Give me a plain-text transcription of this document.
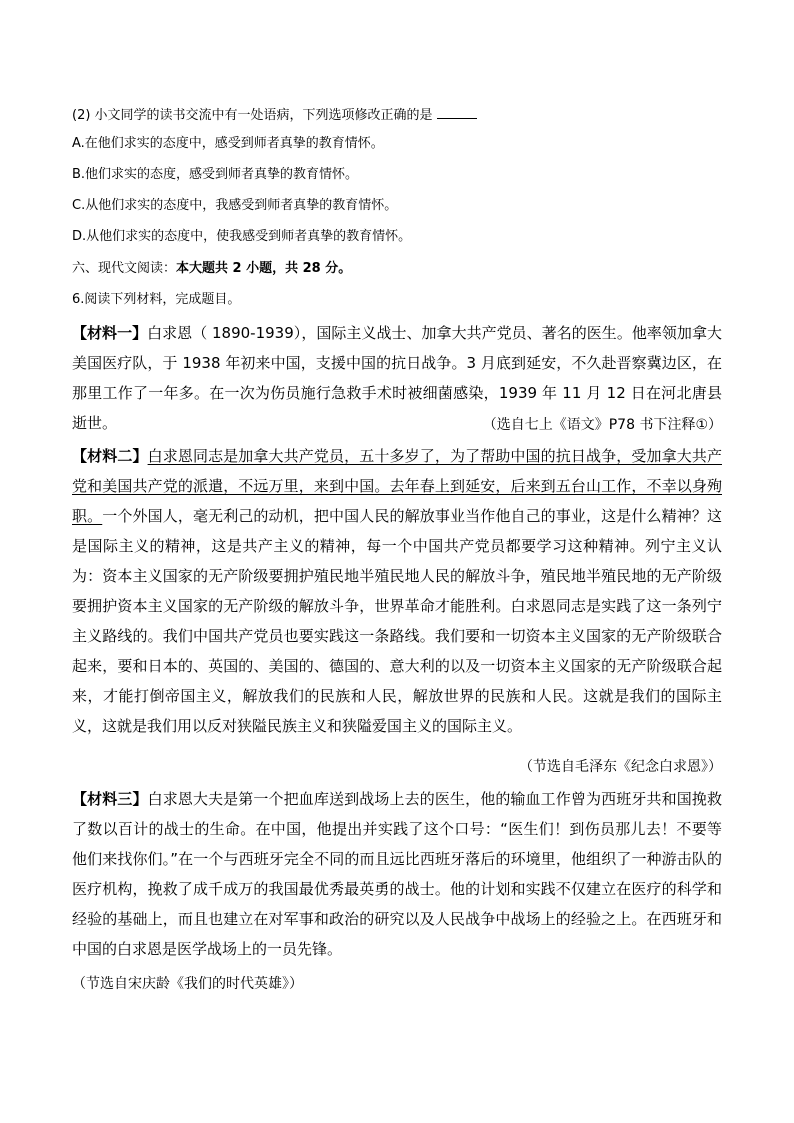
(2) 小文同学的读书交流中有一处语病，下列选项修改正确的是
A.在他们求实的态度中，感受到师者真挚的教育情怀。
B.他们求实的态度，感受到师者真挚的教育情怀。
C.从他们求实的态度中，我感受到师者真挚的教育情怀。
D.从他们求实的态度中，使我感受到师者真挚的教育情怀。
六、现代文阅读：本大题共 2 小题，共 28 分。
6.阅读下列材料，完成题目。
【材料一】白求恩（ 1890-1939），国际主义战士、加拿大共产党员、著名的医生。他率领加拿大美国医疗队，于 1938 年初来中国，支援中国的抗日战争。3 月底到延安，不久赴晋察冀边区，在那里工作了一年多。在一次为伤员施行急救手术时被细菌感染，1939 年 11 月 12 日在河北唐县逝世。	（选自七上《语文》P78 书下注释①）
【材料二】白求恩同志是加拿大共产党员，五十多岁了，为了帮助中国的抗日战争，受加拿大共产党和美国共产党的派遣，不远万里，来到中国。去年春上到延安，后来到五台山工作，不幸以身殉职。一个外国人，毫无利己的动机，把中国人民的解放事业当作他自己的事业，这是什么精神？这是国际主义的精神，这是共产主义的精神，每一个中国共产党员都要学习这种精神。列宁主义认为：资本主义国家的无产阶级要拥护殖民地半殖民地人民的解放斗争，殖民地半殖民地的无产阶级要拥护资本主义国家的无产阶级的解放斗争，世界革命才能胜利。白求恩同志是实践了这一条列宁主义路线的。我们中国共产党员也要实践这一条路线。我们要和一切资本主义国家的无产阶级联合起来，要和日本的、英国的、美国的、德国的、意大利的以及一切资本主义国家的无产阶级联合起来，才能打倒帝国主义，解放我们的民族和人民，解放世界的民族和人民。这就是我们的国际主义，这就是我们用以反对狭隘民族主义和狭隘爱国主义的国际主义。
（节选自毛泽东《纪念白求恩》）
【材料三】白求恩大夫是第一个把血库送到战场上去的医生，他的输血工作曾为西班牙共和国挽救了数以百计的战士的生命。在中国，他提出并实践了这个口号：“医生们！到伤员那儿去！不要等他们来找你们。”在一个与西班牙完全不同的而且远比西班牙落后的环境里，他组织了一种游击队的医疗机构，挽救了成千成万的我国最优秀最英勇的战士。他的计划和实践不仅建立在医疗的科学和经验的基础上，而且也建立在对军事和政治的研究以及人民战争中战场上的经验之上。在西班牙和中国的白求恩是医学战场上的一员先锋。
（节选自宋庆龄《我们的时代英雄》）
